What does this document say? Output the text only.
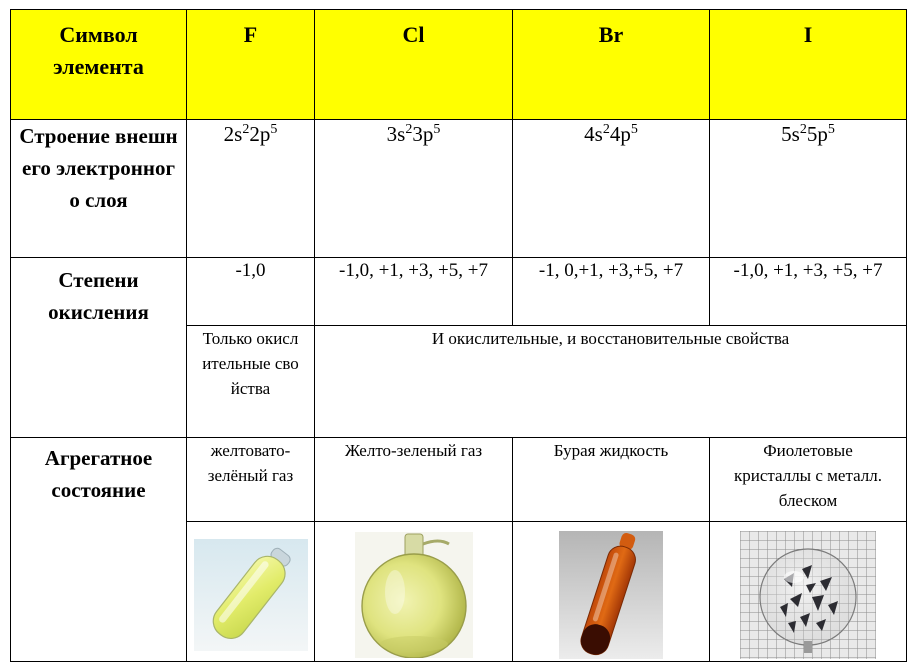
Символ элемента	F	Cl	Br	I
Строение внешнего электронного слоя	$2s^22p^5$	$3s^23p^5$	$4s^24p^5$	$5s^25p^5$
Степени окисления	-1,0	-1,0, +1, +3, +5, +7	-1, 0,+1, +3,+5, +7	-1,0, +1, +3, +5, +7
	Только окислительные свойства	И окислительные, и восстановительные свойства		
Агрегатное состояние	желтовато-зелёный газ	Желто-зеленый газ	Бурая жидкость	Фиолетовые кристаллы с металл. блеском
